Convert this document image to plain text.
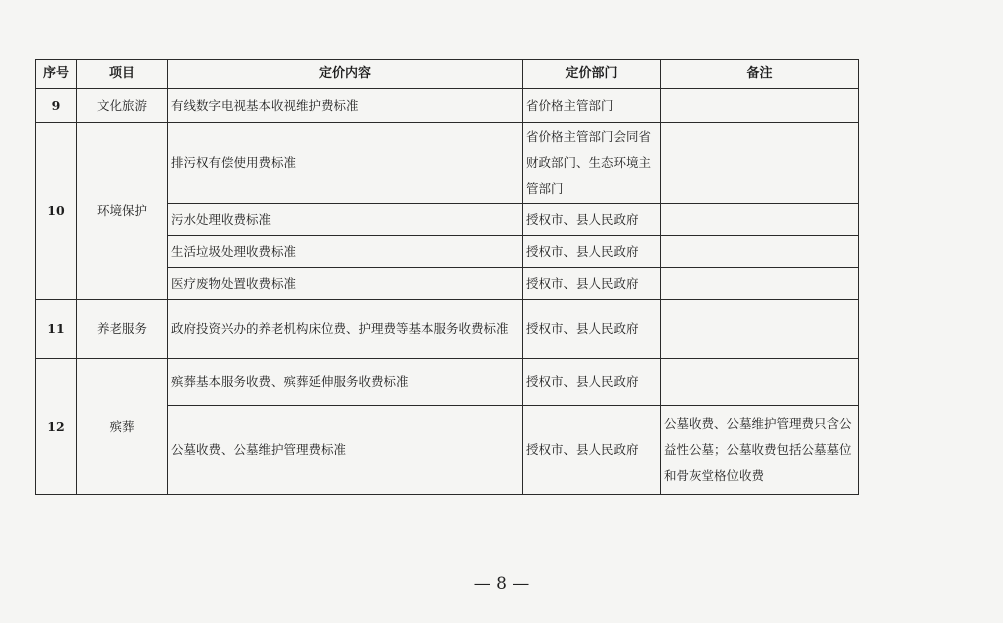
序号	项目	定价内容	定价部门	备注
9	文化旅游	有线数字电视基本收视维护费标准	省价格主管部门	
10	环境保护	排污权有偿使用费标准	省价格主管部门会同省财政部门、生态环境主管部门	

		污水处理收费标准	授权市、县人民政府	
		生活垃圾处理收费标准	授权市、县人民政府	
		医疗废物处置收费标准	授权市、县人民政府	
11	养老服务	政府投资兴办的养老机构床位费、护理费等基本服务收费标准	授权市、县人民政府	
12	殡葬	殡葬基本服务收费、殡葬延伸服务收费标准	授权市、县人民政府	
		公墓收费、公墓维护管理费标准	授权市、县人民政府	公墓收费、公墓维护管理费只含公益性公墓；公墓收费包括公墓墓位和骨灰堂格位收费
— 8 —
